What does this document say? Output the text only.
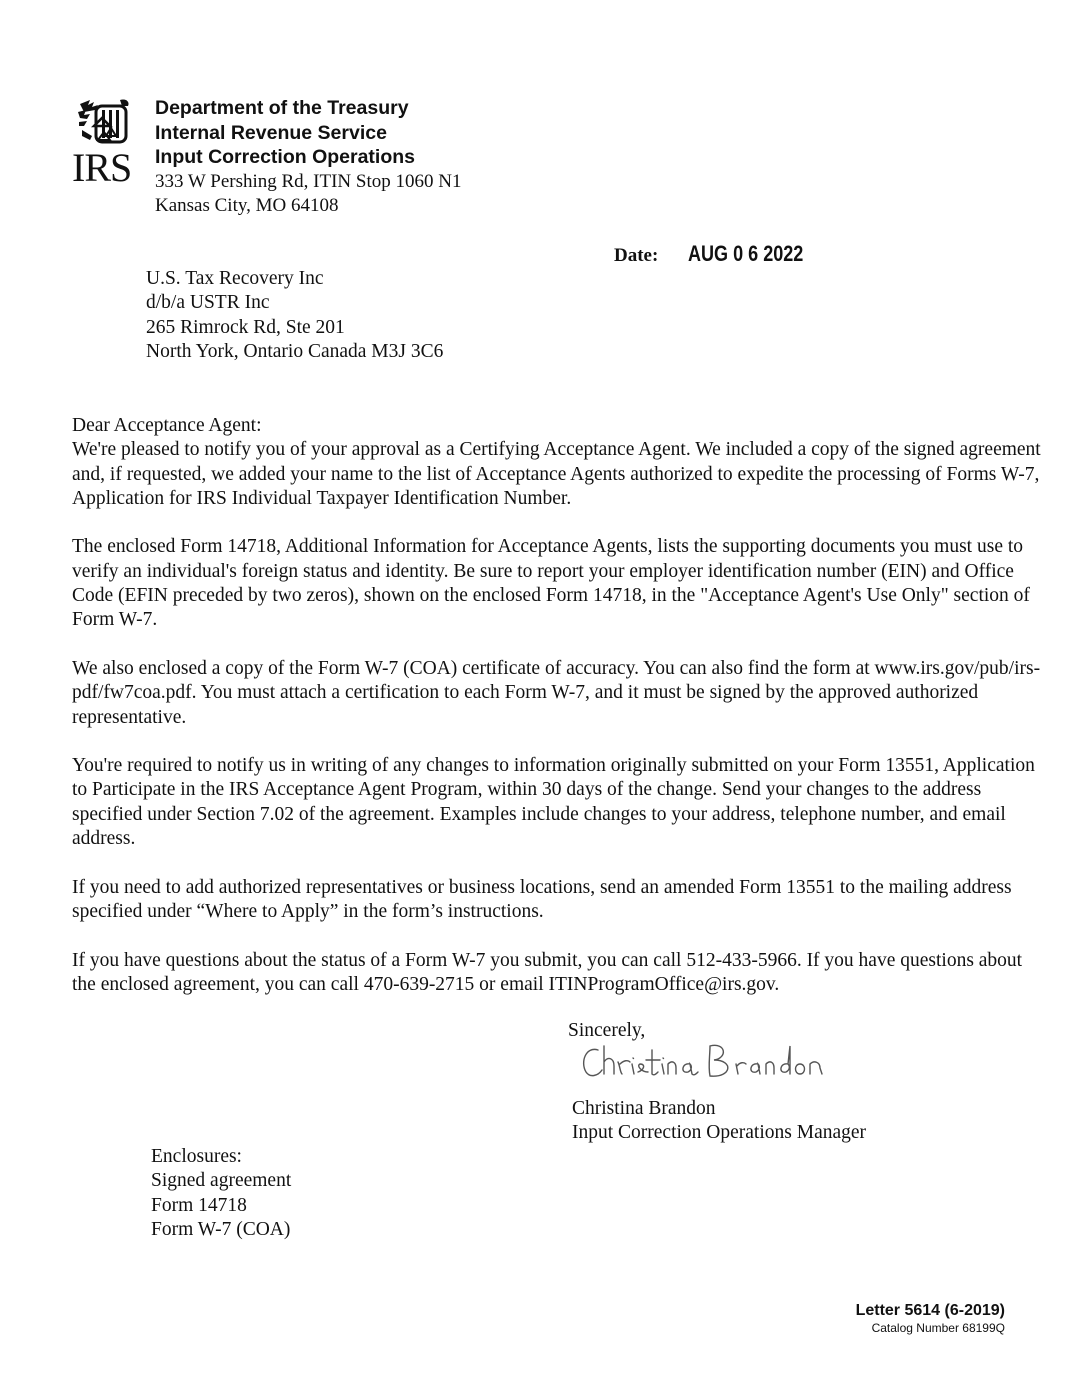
IRS
Department of the Treasury
Internal Revenue Service
Input Correction Operations
333 W Pershing Rd, ITIN Stop 1060 N1
Kansas City, MO 64108
Date: AUG 0 6 2022
U.S. Tax Recovery Inc
d/b/a USTR Inc
265 Rimrock Rd, Ste 201
North York, Ontario Canada M3J 3C6
Dear Acceptance Agent:

We're pleased to notify you of your approval as a Certifying Acceptance Agent. We included a copy of the signed agreement and, if requested, we added your name to the list of Acceptance Agents authorized to expedite the processing of Forms W-7, Application for IRS Individual Taxpayer Identification Number.

The enclosed Form 14718, Additional Information for Acceptance Agents, lists the supporting documents you must use to verify an individual's foreign status and identity. Be sure to report your employer identification number (EIN) and Office Code (EFIN preceded by two zeros), shown on the enclosed Form 14718, in the "Acceptance Agent's Use Only" section of Form W-7.

We also enclosed a copy of the Form W-7 (COA) certificate of accuracy. You can also find the form at www.irs.gov/pub/irs-pdf/fw7coa.pdf. You must attach a certification to each Form W-7, and it must be signed by the approved authorized representative.

You're required to notify us in writing of any changes to information originally submitted on your Form 13551, Application to Participate in the IRS Acceptance Agent Program, within 30 days of the change. Send your changes to the address specified under Section 7.02 of the agreement. Examples include changes to your address, telephone number, and email address.

If you need to add authorized representatives or business locations, send an amended Form 13551 to the mailing address specified under “Where to Apply” in the form’s instructions.

If you have questions about the status of a Form W-7 you submit, you can call 512-433-5966. If you have questions about the enclosed agreement, you can call 470-639-2715 or email ITINProgramOffice@irs.gov.

Sincerely,
Christina Brandon
Input Correction Operations Manager
Enclosures:
Signed agreement
Form 14718
Form W-7 (COA)
Letter 5614 (6-2019)
Catalog Number 68199Q
